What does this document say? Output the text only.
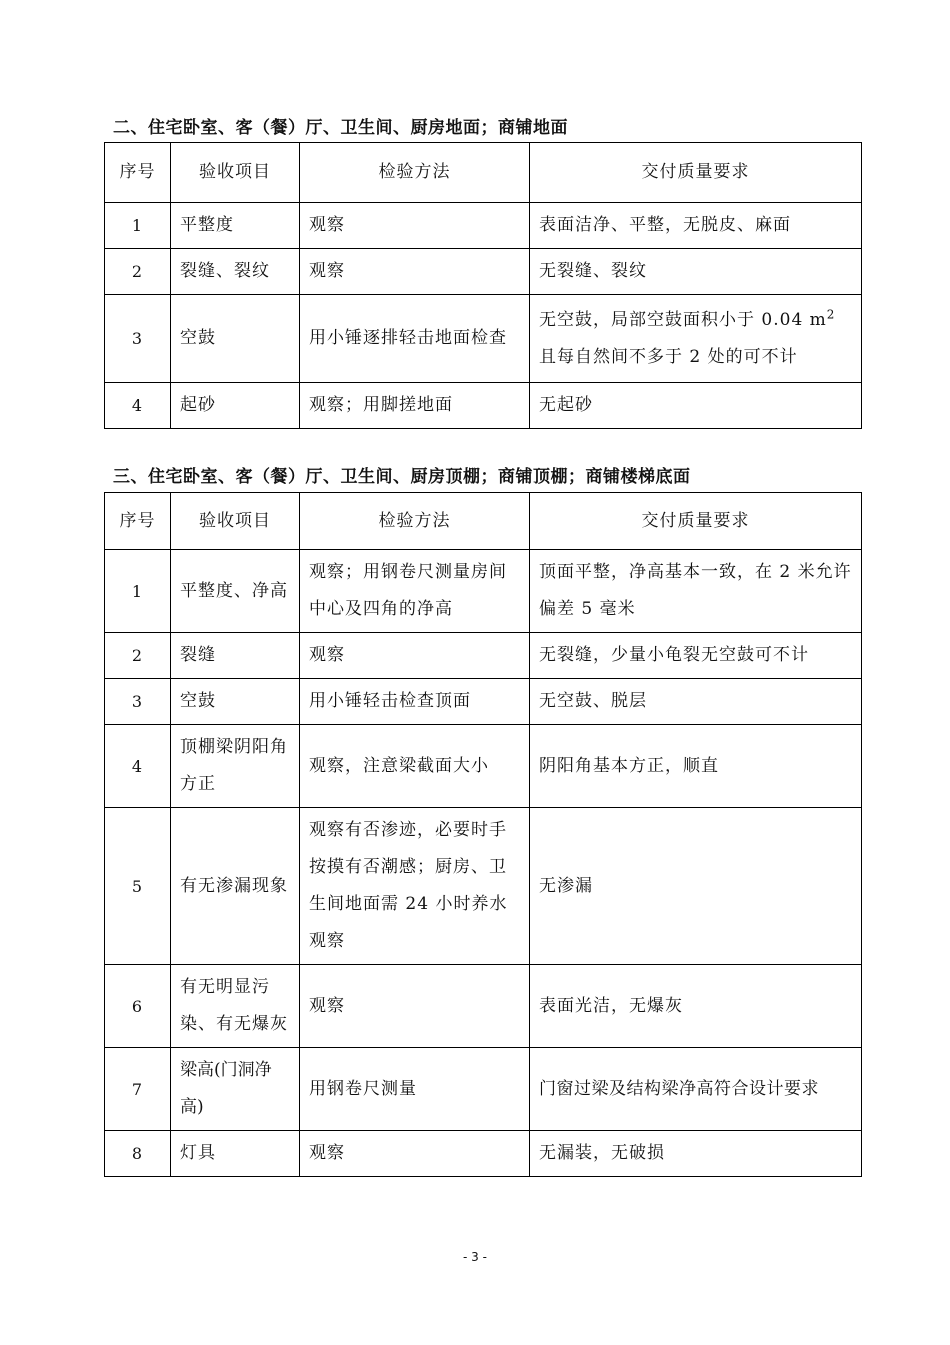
二、住宅卧室、客（餐）厅、卫生间、厨房地面；商铺地面
序号	验收项目	检验方法	交付质量要求
1	平整度	观察	表面洁净、平整，无脱皮、麻面
2	裂缝、裂纹	观察	无裂缝、裂纹
3	空鼓	用小锤逐排轻击地面检查	无空鼓，局部空鼓面积小于 0.04 $m^2$
且每自然间不多于 2 处的可不计
4	起砂	观察；用脚搓地面	无起砂
三、住宅卧室、客（餐）厅、卫生间、厨房顶棚；商铺顶棚；商铺楼梯底面
序号	验收项目	检验方法	交付质量要求
1	平整度、净高	观察；用钢卷尺测量房间中心及四角的净高	顶面平整，净高基本一致，在 2 米允许偏差 5 毫米
2	裂缝	观察	无裂缝，少量小龟裂无空鼓可不计
3	空鼓	用小锤轻击检查顶面	无空鼓、脱层
4	顶棚梁阴阳角方正	观察，注意梁截面大小	阴阳角基本方正，顺直
5	有无渗漏现象	观察有否渗迹，必要时手按摸有否潮感；厨房、卫生间地面需 24 小时养水观察	无渗漏
6	有无明显污染、有无爆灰	观察	表面光洁，无爆灰
7	梁高(门洞净高)	用钢卷尺测量	门窗过梁及结构梁净高符合设计要求
8	灯具	观察	无漏装，无破损
- 3 -
